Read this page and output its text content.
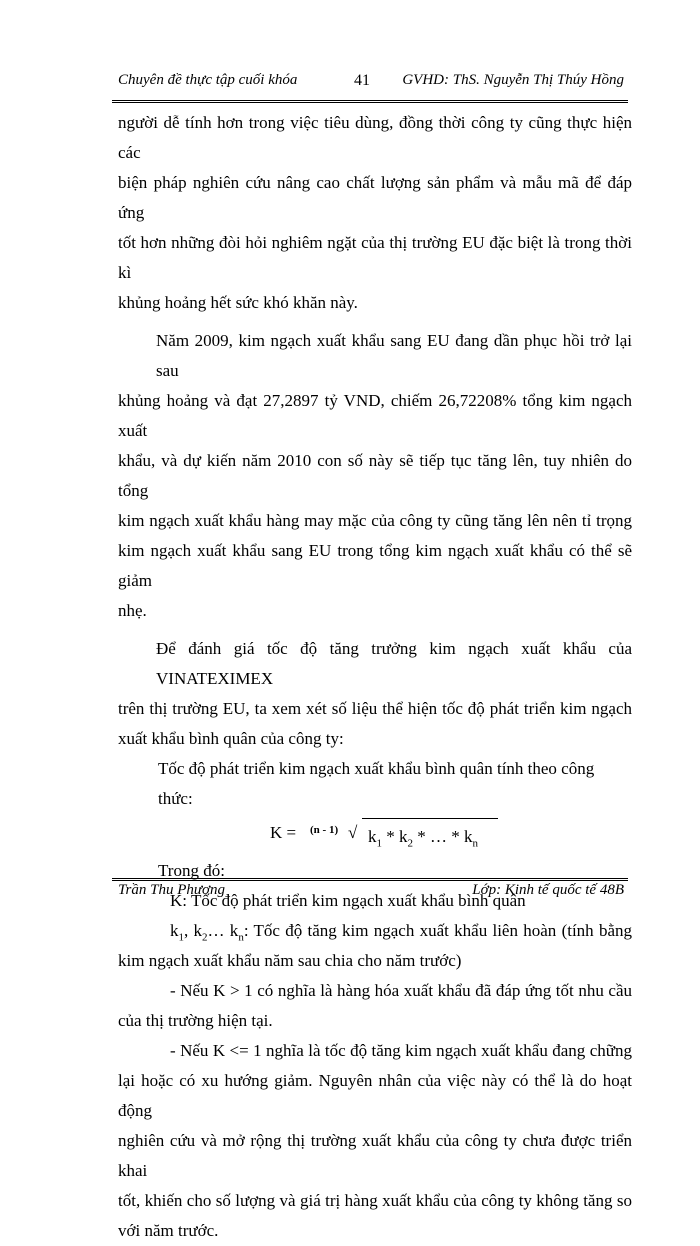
Chuyên đề thực tập cuối khóa	41 GVHD: ThS. Nguyễn Thị Thúy Hồng

người dễ tính hơn trong việc tiêu dùng, đồng thời công ty cũng thực hiện các
biện pháp nghiên cứu nâng cao chất lượng sản phẩm và mẫu mã để đáp ứng
tốt hơn những đòi hỏi nghiêm ngặt của thị trường EU đặc biệt là trong thời kì
khủng hoảng hết sức khó khăn này.

Năm 2009, kim ngạch xuất khẩu sang EU đang dần phục hồi trở lại sau
khủng hoảng và đạt 27,2897 tỷ VND, chiếm 26,72208% tổng kim ngạch xuất
khẩu, và dự kiến năm 2010 con số này sẽ tiếp tục tăng lên, tuy nhiên do tổng
kim ngạch xuất khẩu hàng may mặc của công ty cũng tăng lên nên tỉ trọng
kim ngạch xuất khẩu sang EU trong tổng kim ngạch xuất khẩu có thể sẽ giảm
nhẹ.

Để đánh giá tốc độ tăng trưởng kim ngạch xuất khẩu của VINATEXIMEX
trên thị trường EU, ta xem xét số liệu thể hiện tốc độ phát triển kim ngạch
xuất khẩu bình quân của công ty:

Tốc độ phát triển kim ngạch xuất khẩu bình quân tính theo công thức:

K = (n - 1) √ $k_1 * k_2$ * … * $k_n$

Trong đó:

K: Tốc độ phát triển kim ngạch xuất khẩu bình quân

$k_1$, $k_2\dots$ $k_n$: Tốc độ tăng kim ngạch xuất khẩu liên hoàn (tính bằng
kim ngạch xuất khẩu năm sau chia cho năm trước)

- Nếu K > 1 có nghĩa là hàng hóa xuất khẩu đã đáp ứng tốt nhu cầu
của thị trường hiện tại.

- Nếu K <= 1 nghĩa là tốc độ tăng kim ngạch xuất khẩu đang chững
lại hoặc có xu hướng giảm. Nguyên nhân của việc này có thể là do hoạt động
nghiên cứu và mở rộng thị trường xuất khẩu của công ty chưa được triển khai
tốt, khiến cho số lượng và giá trị hàng xuất khẩu của công ty không tăng so
với năm trước.

Trần Thu Phương	Lớp: Kinh tế quốc tế 48B
